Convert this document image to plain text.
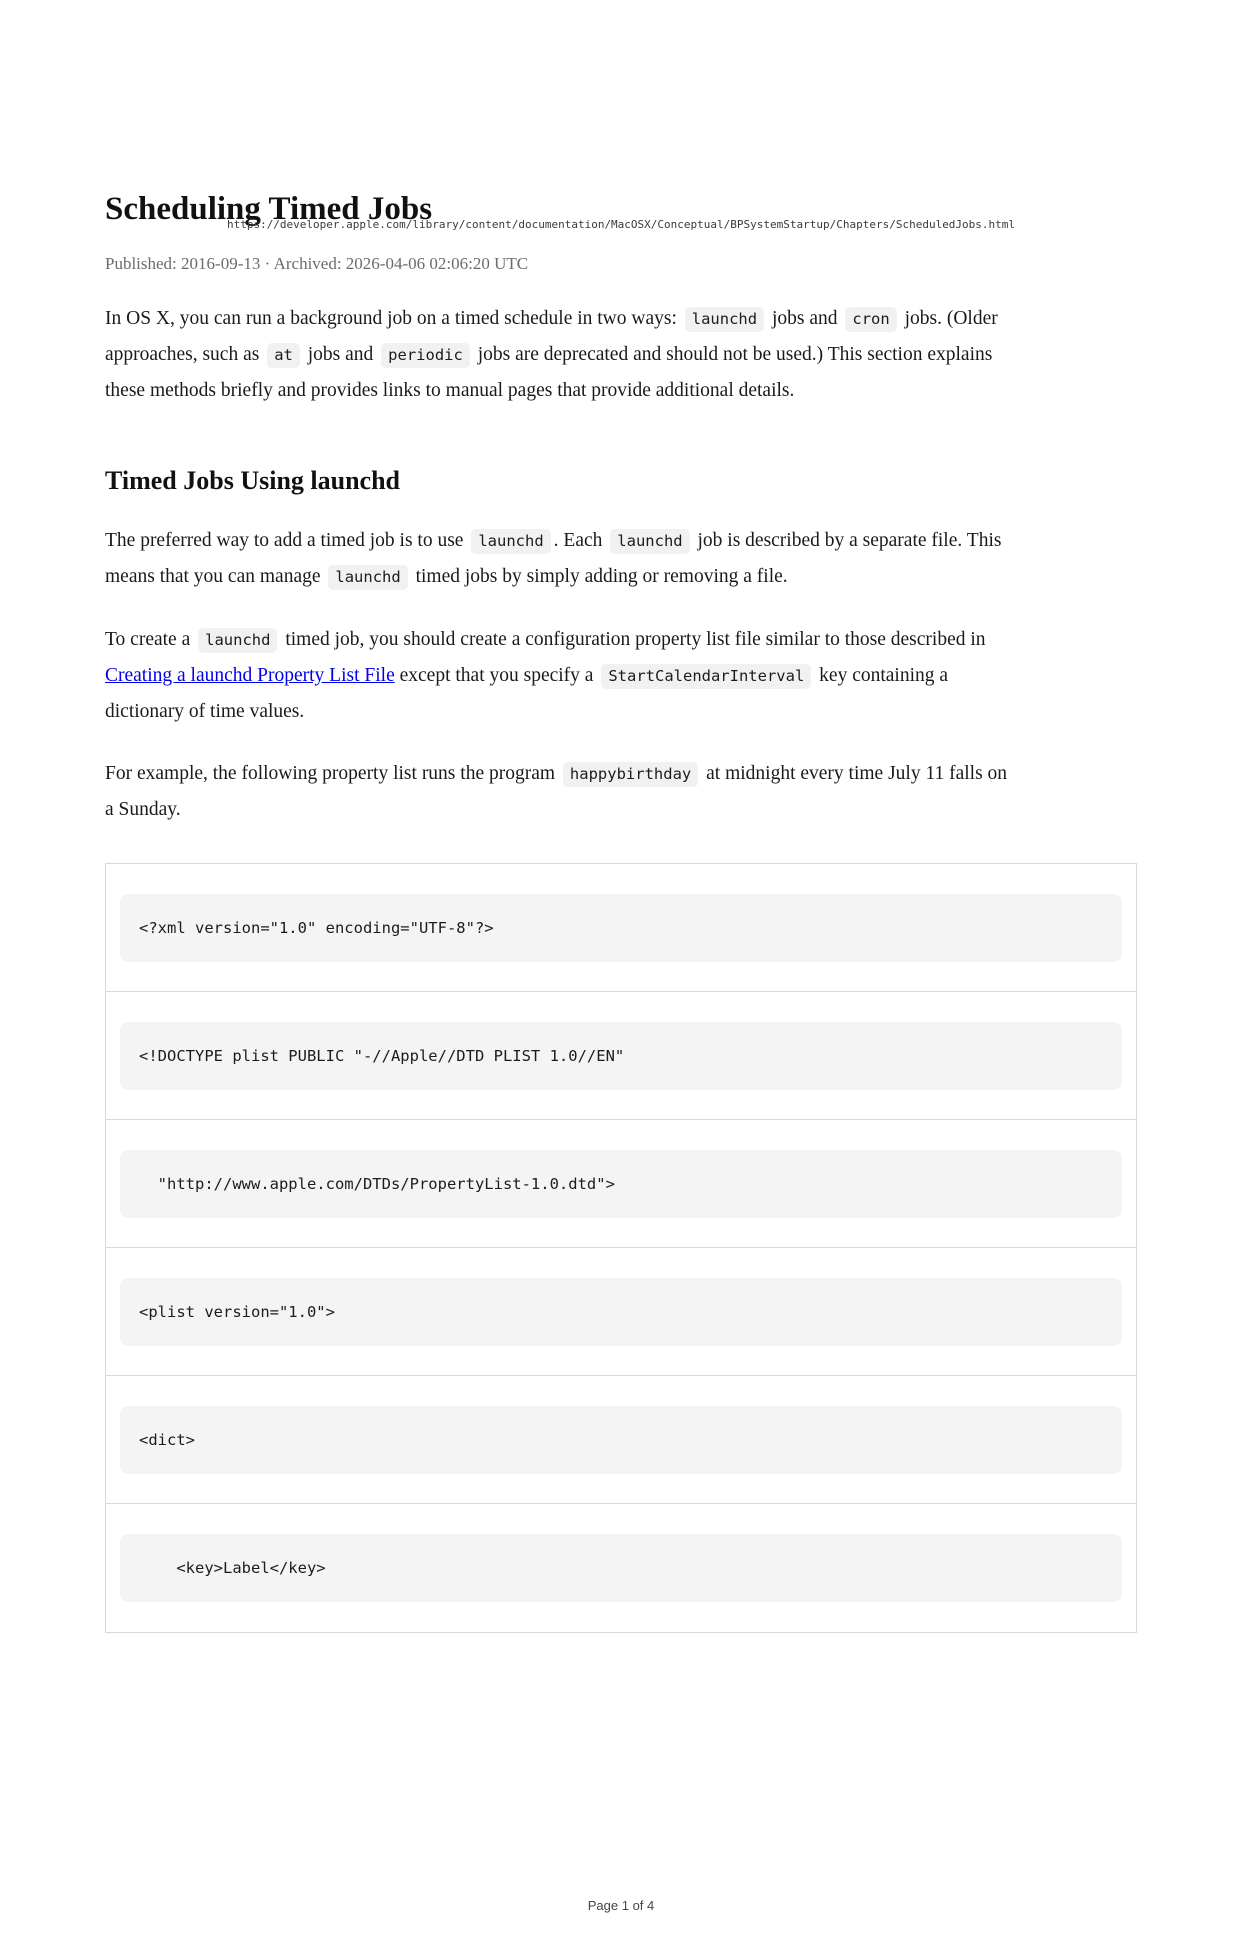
https://developer.apple.com/library/content/documentation/MacOSX/Conceptual/BPSystemStartup/Chapters/ScheduledJobs.html
Scheduling Timed Jobs
Published: 2016-09-13 · Archived: 2026-04-06 02:06:20 UTC

In OS X, you can run a background job on a timed schedule in two ways: launchd jobs and cron jobs. (Older approaches, such as at jobs and periodic jobs are deprecated and should not be used.) This section explains these methods briefly and provides links to manual pages that provide additional details.

Timed Jobs Using launchd

The preferred way to add a timed job is to use launchd . Each launchd job is described by a separate file. This means that you can manage launchd timed jobs by simply adding or removing a file.

To create a launchd timed job, you should create a configuration property list file similar to those described in Creating a launchd Property List File except that you specify a StartCalendarInterval key containing a dictionary of time values.

For example, the following property list runs the program happybirthday at midnight every time July 11 falls on a Sunday.

<?xml version="1.0" encoding="UTF-8"?>
<!DOCTYPE plist PUBLIC "-//Apple//DTD PLIST 1.0//EN"
"http://www.apple.com/DTDs/PropertyList-1.0.dtd">
<plist version="1.0">
<dict>
<key>Label</key>
Page 1 of 4
